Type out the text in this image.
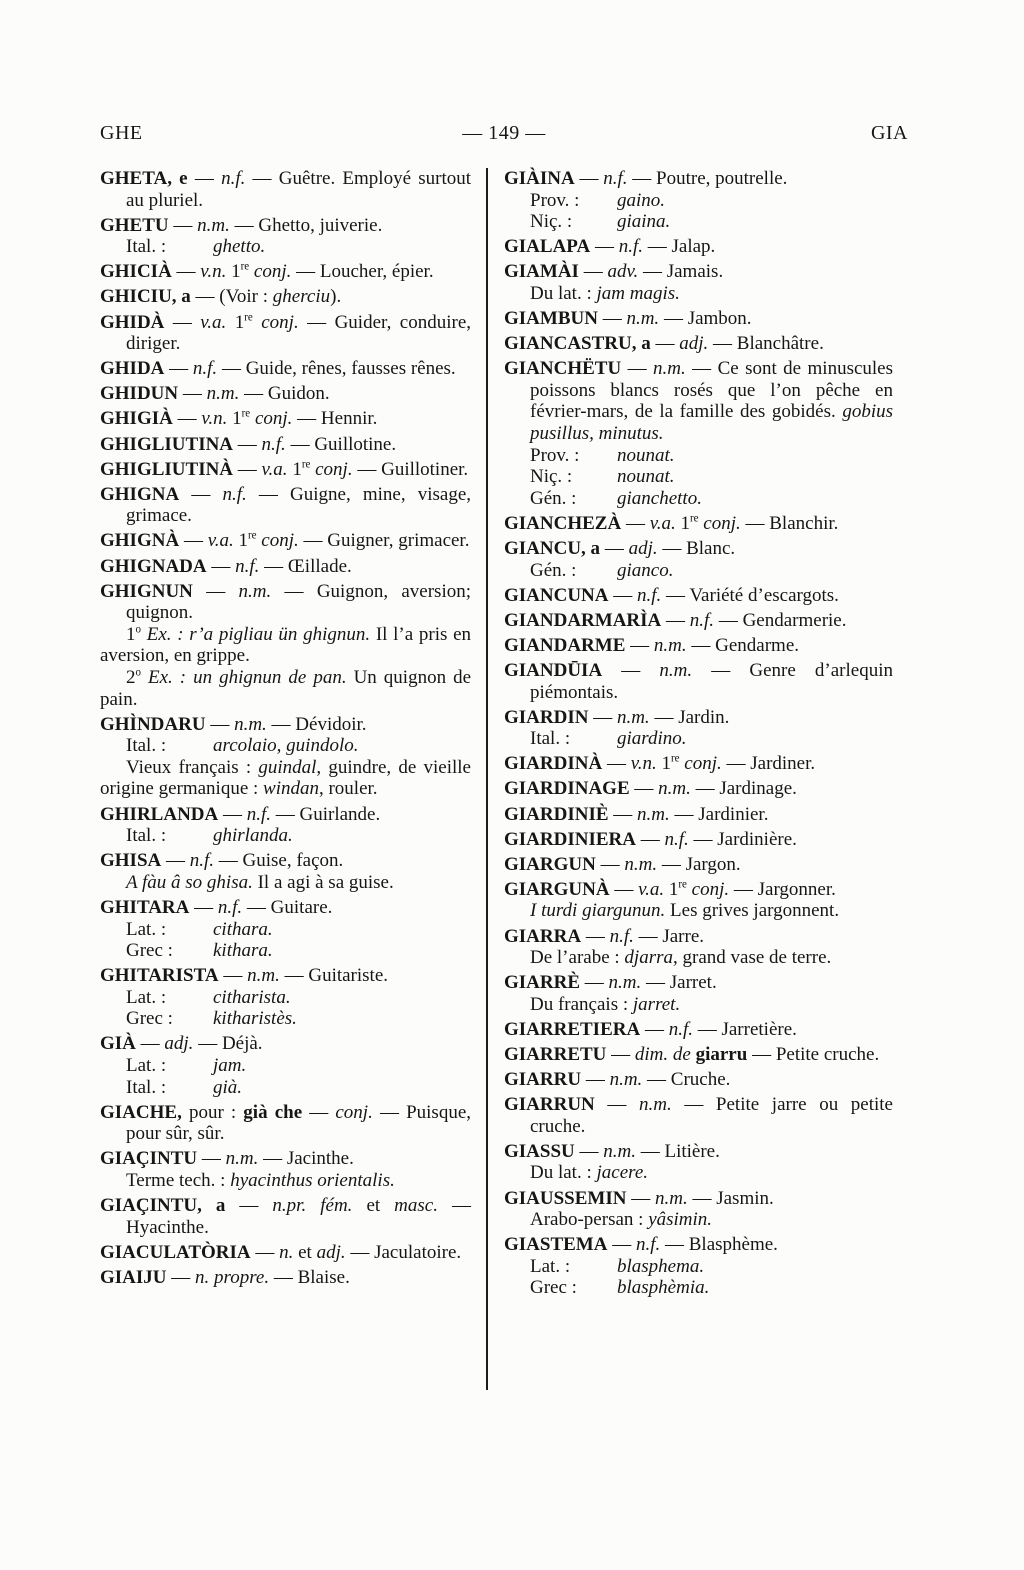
GHE	— 149 —	GIA

GHETA, e — n.f. — Guêtre. Employé surtout au pluriel.

GHETU — n.m. — Ghetto, juiverie.

Ital. : ghetto.

GHICIÀ — v.n. 1re conj. — Loucher, épier.

GHICIU, a — (Voir : gherciu).

GHIDÀ — v.a. 1re conj. — Guider, conduire, diriger.

GHIDA — n.f. — Guide, rênes, fausses rênes.

GHIDUN — n.m. — Guidon.

GHIGIÀ — v.n. 1re conj. — Hennir.

GHIGLIUTINA — n.f. — Guillotine.

GHIGLIUTINÀ — v.a. 1re conj. — Guillotiner.

GHIGNA — n.f. — Guigne, mine, visage, grimace.

GHIGNÀ — v.a. 1re conj. — Guigner, grimacer.

GHIGNADA — n.f. — Œillade.

GHIGNUN — n.m. — Guignon, aversion; quignon.

1$^o$ Ex. : r’a pigliau ün ghignun. Il l’a pris en aversion, en grippe.

2$^o$ Ex. : un ghignun de pan. Un quignon de pain.

GHÌNDARU — n.m. — Dévidoir.

Ital. : arcolaio, guindolo.

Vieux français : guindal, guindre, de vieille origine germanique : windan, rouler.

GHIRLANDA — n.f. — Guirlande.

Ital. : ghirlanda.

GHISA — n.f. — Guise, façon.

A fàu â so ghisa. Il a agi à sa guise.

GHITARA — n.f. — Guitare.

Lat. : cithara.

Grec : kithara.

GHITARISTA — n.m. — Guitariste.

Lat. : citharista.

Grec : kitharistès.

GIÀ — adj. — Déjà.

Lat. : jam.

Ital. : già.

GIACHE, pour : già che — conj. — Puisque, pour sûr, sûr.

GIAÇINTU — n.m. — Jacinthe.

Terme tech. : hyacinthus orientalis.

GIAÇINTU, a — n.pr. fém. et masc. — Hyacinthe.

GIACULATÒRIA — n. et adj. — Jaculatoire.

GIAIJU — n. propre. — Blaise.

GIÀINA — n.f. — Poutre, poutrelle.

Prov. : gaino.

Niç. : giaina.

GIALAPA — n.f. — Jalap.

GIAMÀI — adv. — Jamais.

Du lat. : jam magis.

GIAMBUN — n.m. — Jambon.

GIANCASTRU, a — adj. — Blanchâtre.

GIANCHËTU — n.m. — Ce sont de minuscules poissons blancs rosés que l’on pêche en février-mars, de la famille des gobidés. gobius pusillus, minutus.

Prov. : nounat.

Niç. : nounat.

Gén. : gianchetto.

GIANCHEZÀ — v.a. 1re conj. — Blanchir.

GIANCU, a — adj. — Blanc.

Gén. : gianco.

GIANCUNA — n.f. — Variété d’escargots.

GIANDARMARÌA — n.f. — Gendarmerie.

GIANDARME — n.m. — Gendarme.

GIANDŪIA — n.m. — Genre d’arlequin piémontais.

GIARDIN — n.m. — Jardin.

Ital. : giardino.

GIARDINÀ — v.n. 1re conj. — Jardiner.

GIARDINAGE — n.m. — Jardinage.

GIARDINIÈ — n.m. — Jardinier.

GIARDINIERA — n.f. — Jardinière.

GIARGUN — n.m. — Jargon.

GIARGUNÀ — v.a. 1re conj. — Jargonner.

I turdi giargunun. Les grives jargonnent.

GIARRA — n.f. — Jarre.

De l’arabe : djarra, grand vase de terre.

GIARRÈ — n.m. — Jarret.

Du français : jarret.

GIARRETIERA — n.f. — Jarretière.

GIARRETU — dim. de giarru — Petite cruche.

GIARRU — n.m. — Cruche.

GIARRUN — n.m. — Petite jarre ou petite cruche.

GIASSU — n.m. — Litière.

Du lat. : jacere.

GIAUSSEMIN — n.m. — Jasmin.

Arabo-persan : yâsimin.

GIASTEMA — n.f. — Blasphème.

Lat. : blasphema.

Grec : blasphèmia.
